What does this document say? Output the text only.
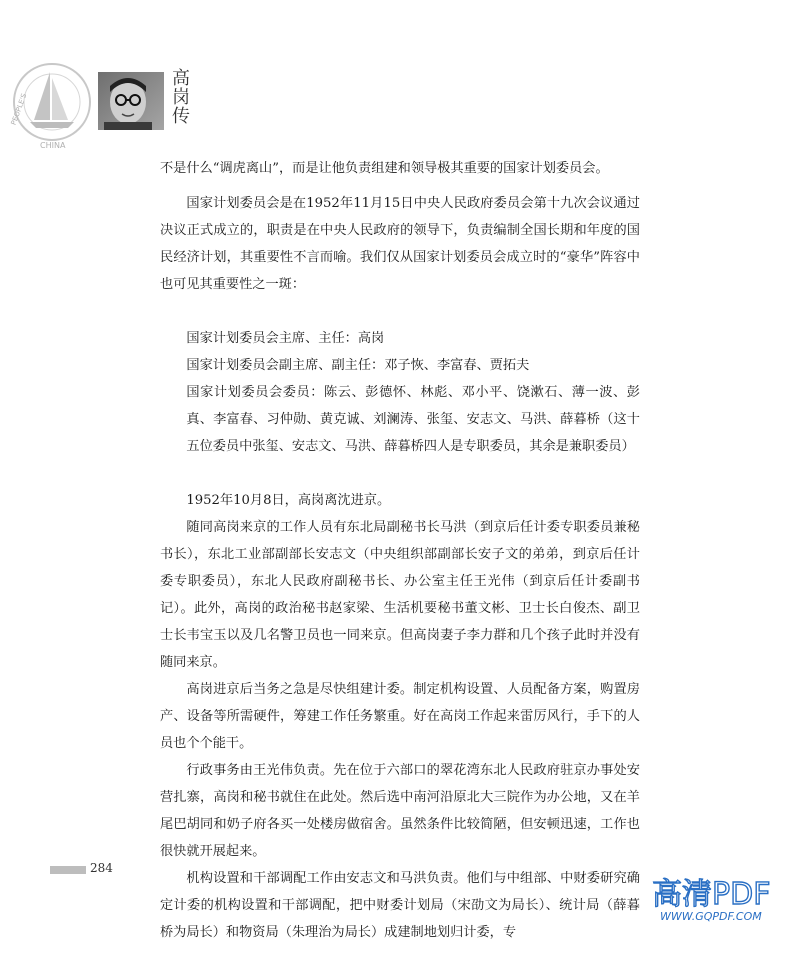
PEOPLE'S
CHINA
高岗传

不是什么“调虎离山”，而是让他负责组建和领导极其重要的国家计划委员会。

国家计划委员会是在1952年11月15日中央人民政府委员会第十九次会议通过决议正式成立的，职责是在中央人民政府的领导下，负责编制全国长期和年度的国民经济计划，其重要性不言而喻。我们仅从国家计划委员会成立时的“豪华”阵容中也可见其重要性之一斑：

国家计划委员会主席、主任：高岗
国家计划委员会副主席、副主任：邓子恢、李富春、贾拓夫
国家计划委员会委员：陈云、彭德怀、林彪、邓小平、饶漱石、薄一波、彭真、李富春、习仲勋、黄克诚、刘澜涛、张玺、安志文、马洪、薛暮桥（这十五位委员中张玺、安志文、马洪、薛暮桥四人是专职委员，其余是兼职委员）

1952年10月8日，高岗离沈进京。

随同高岗来京的工作人员有东北局副秘书长马洪（到京后任计委专职委员兼秘书长），东北工业部副部长安志文（中央组织部副部长安子文的弟弟，到京后任计委专职委员），东北人民政府副秘书长、办公室主任王光伟（到京后任计委副书记）。此外，高岗的政治秘书赵家梁、生活机要秘书董文彬、卫士长白俊杰、副卫士长韦宝玉以及几名警卫员也一同来京。但高岗妻子李力群和几个孩子此时并没有随同来京。

高岗进京后当务之急是尽快组建计委。制定机构设置、人员配备方案，购置房产、设备等所需硬件，筹建工作任务繁重。好在高岗工作起来雷厉风行，手下的人员也个个能干。

行政事务由王光伟负责。先在位于六部口的翠花湾东北人民政府驻京办事处安营扎寨，高岗和秘书就住在此处。然后选中南河沿原北大三院作为办公地，又在羊尾巴胡同和奶子府各买一处楼房做宿舍。虽然条件比较简陋，但安顿迅速，工作也很快就开展起来。

机构设置和干部调配工作由安志文和马洪负责。他们与中组部、中财委研究确定计委的机构设置和干部调配，把中财委计划局（宋劭文为局长）、统计局（薛暮桥为局长）和物资局（朱理治为局长）成建制地划归计委，专

284
高清PDF
WWW.GQPDF.COM
